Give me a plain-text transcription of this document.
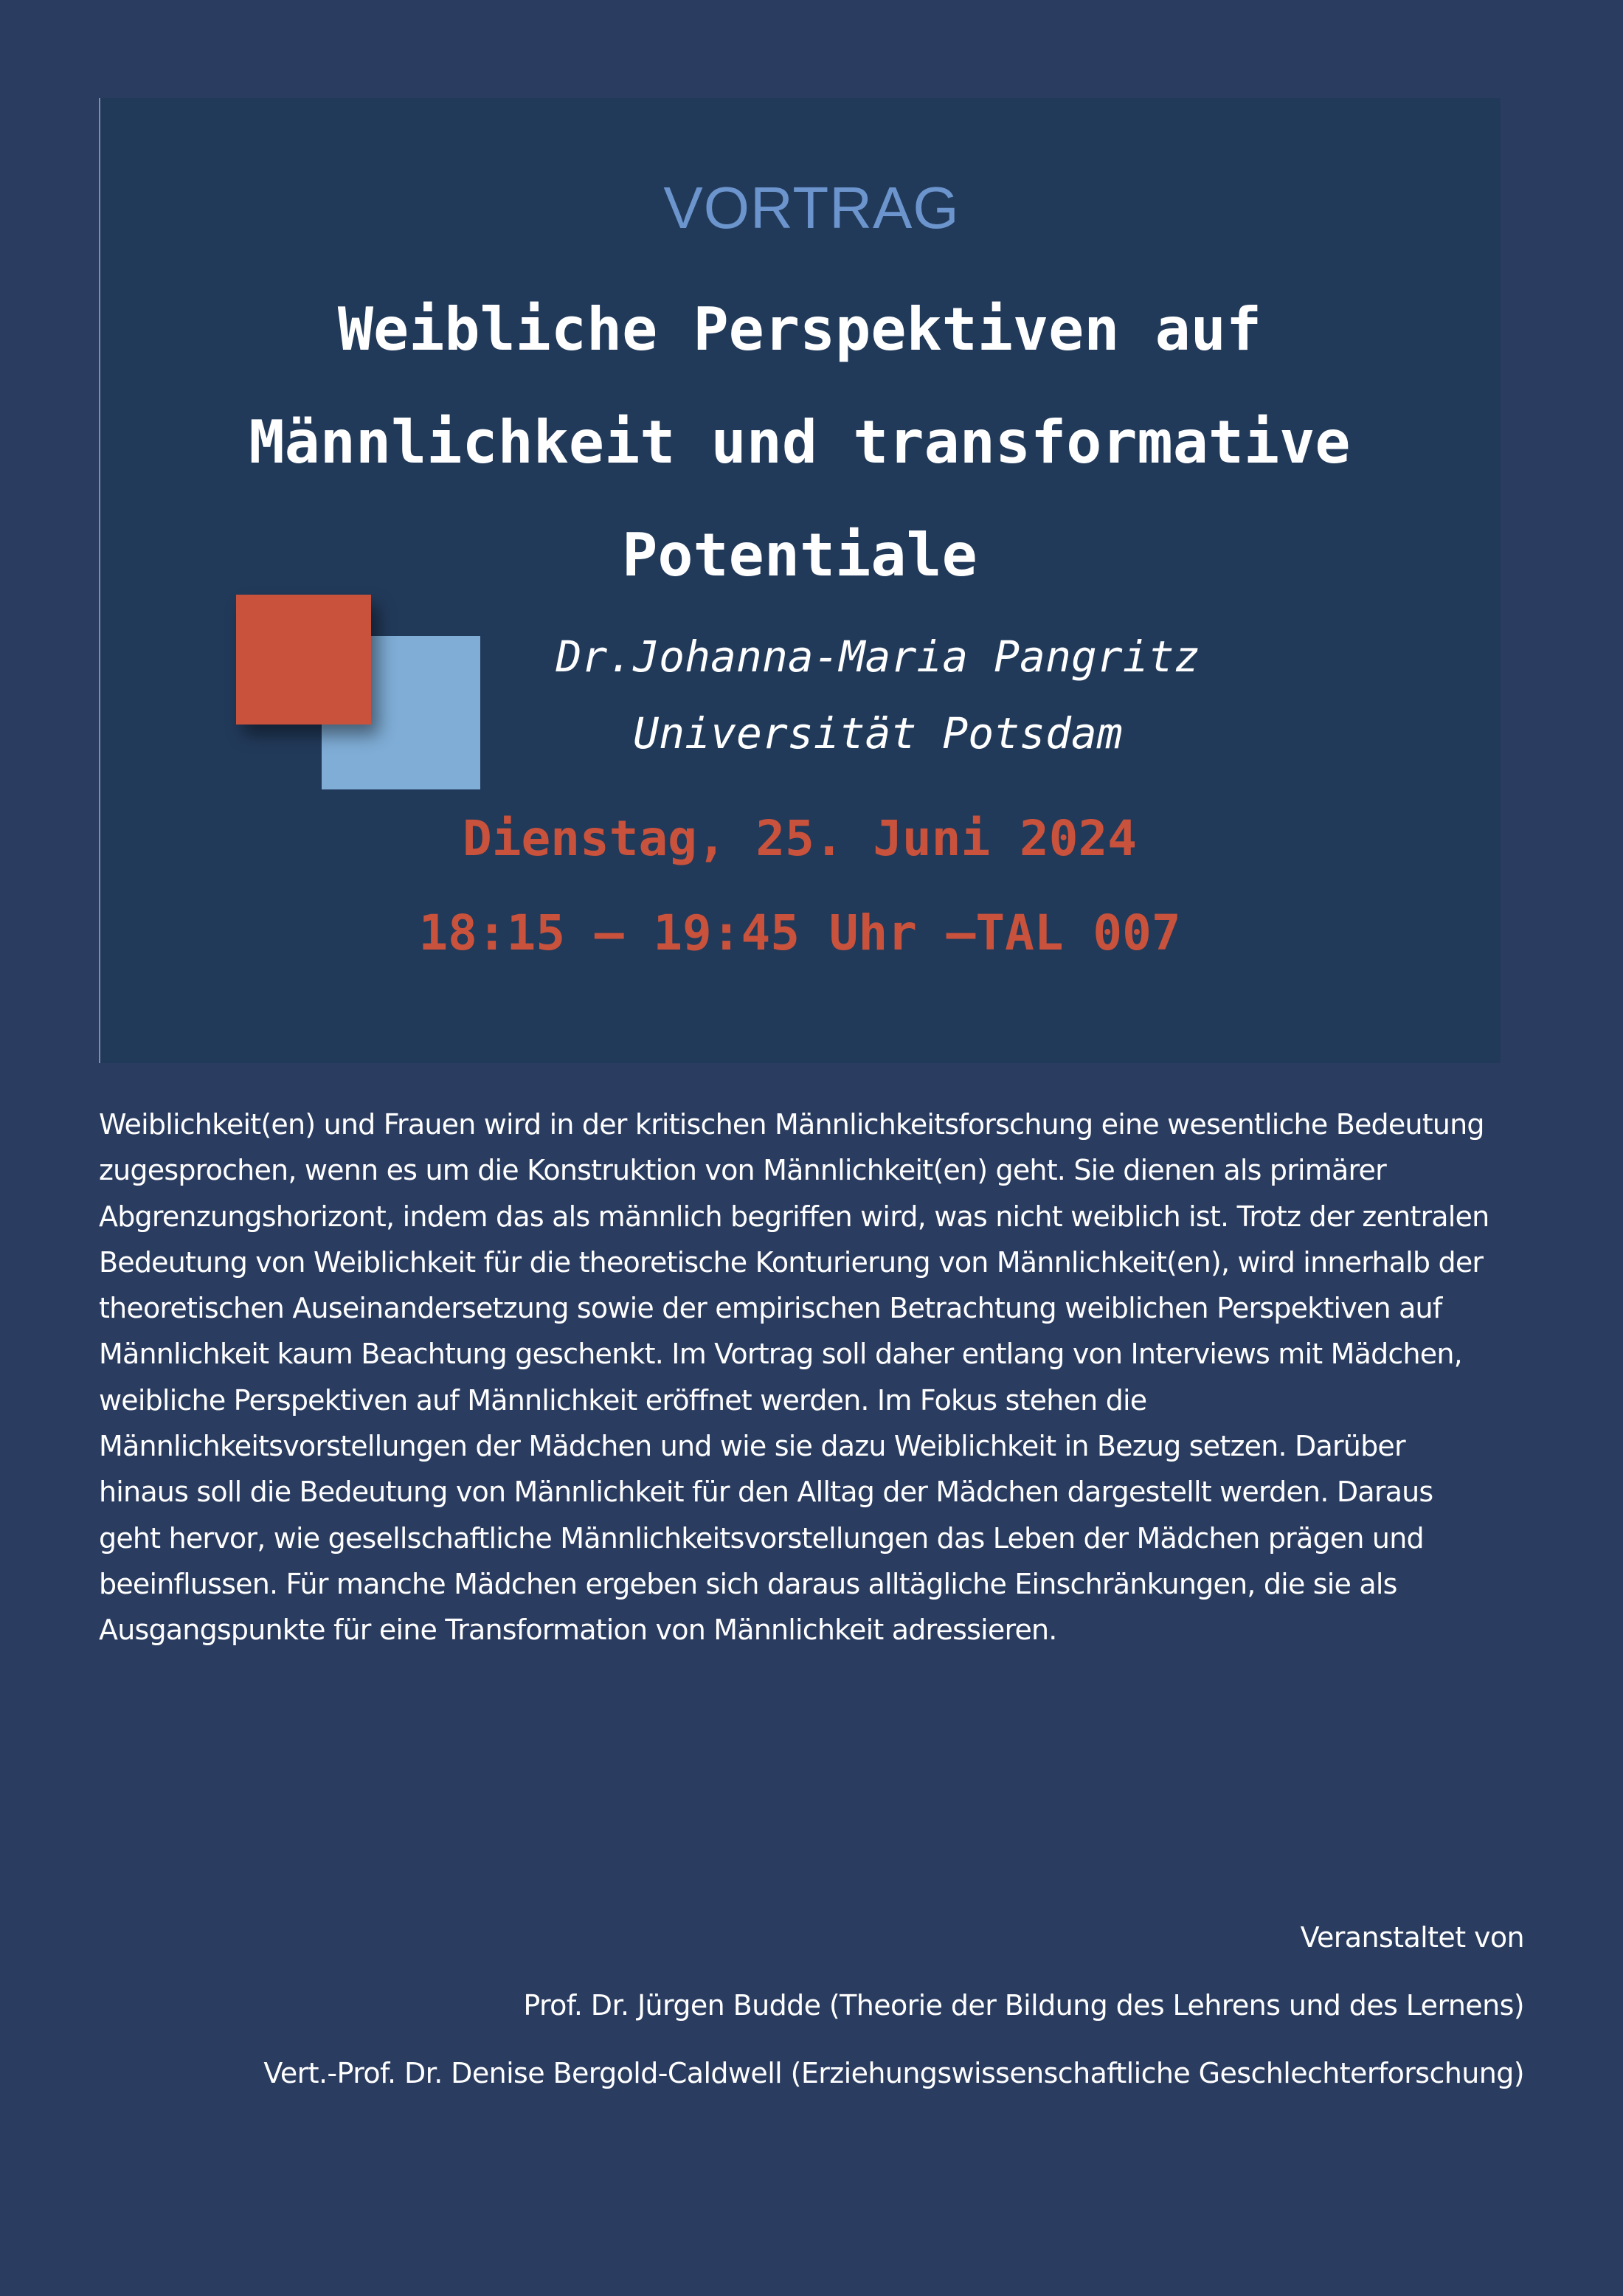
VORTRAG
Weibliche Perspektiven auf
Männlichkeit und transformative
Potentiale
Dr.Johanna-Maria Pangritz
Universität Potsdam
Dienstag, 25. Juni 2024
18:15 – 19:45 Uhr –TAL 007

Weiblichkeit(en) und Frauen wird in der kritischen Männlichkeitsforschung eine wesentliche Bedeutung zugesprochen, wenn es um die Konstruktion von Männlichkeit(en) geht. Sie dienen als primärer Abgrenzungshorizont, indem das als männlich begriffen wird, was nicht weiblich ist. Trotz der zentralen Bedeutung von Weiblichkeit für die theoretische Konturierung von Männlichkeit(en), wird innerhalb der theoretischen Auseinandersetzung sowie der empirischen Betrachtung weiblichen Perspektiven auf Männlichkeit kaum Beachtung geschenkt. Im Vortrag soll daher entlang von Interviews mit Mädchen, weibliche Perspektiven auf Männlichkeit eröffnet werden. Im Fokus stehen die Männlichkeitsvorstellungen der Mädchen und wie sie dazu Weiblichkeit in Bezug setzen. Darüber hinaus soll die Bedeutung von Männlichkeit für den Alltag der Mädchen dargestellt werden. Daraus geht hervor, wie gesellschaftliche Männlichkeitsvorstellungen das Leben der Mädchen prägen und beeinflussen. Für manche Mädchen ergeben sich daraus alltägliche Einschränkungen, die sie als Ausgangspunkte für eine Transformation von Männlichkeit adressieren.

Veranstaltet von
Prof. Dr. Jürgen Budde (Theorie der Bildung des Lehrens und des Lernens)
Vert.-Prof. Dr. Denise Bergold-Caldwell (Erziehungswissenschaftliche Geschlechterforschung)
